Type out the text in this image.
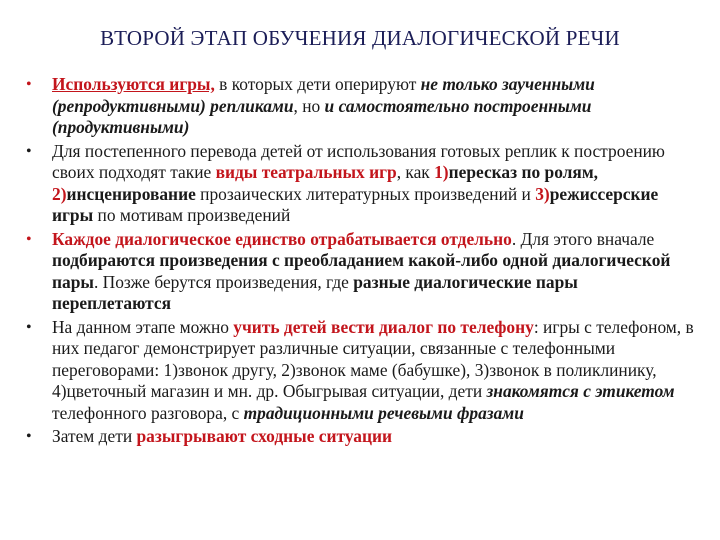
ВТОРОЙ ЭТАП ОБУЧЕНИЯ ДИАЛОГИЧЕСКОЙ РЕЧИ
• Используются игры, в которых дети оперируют не только заученными (репродуктивными) репликами, но и самостоятельно построенными (продуктивными)
• Для постепенного перевода детей от использования готовых реплик к построению своих подходят такие виды театральных игр, как 1)пересказ по ролям, 2)инсценирование прозаических литературных произведений и 3)режиссерские игры по мотивам произведений
• Каждое диалогическое единство отрабатывается отдельно. Для этого вначале подбираются произведения с преобладанием какой-либо одной диалогической пары. Позже берутся произведения, где разные диалогические пары переплетаются
• На данном этапе можно учить детей вести диалог по телефону: игры с телефоном, в них педагог демонстрирует различные ситуации, связанные с телефонными переговорами: 1)звонок другу, 2)звонок маме (бабушке), 3)звонок в поликлинику, 4)цветочный магазин и мн. др. Обыгрывая ситуации, дети знакомятся с этикетом телефонного разговора, с традиционными речевыми фразами
• Затем дети разыгрывают сходные ситуации
